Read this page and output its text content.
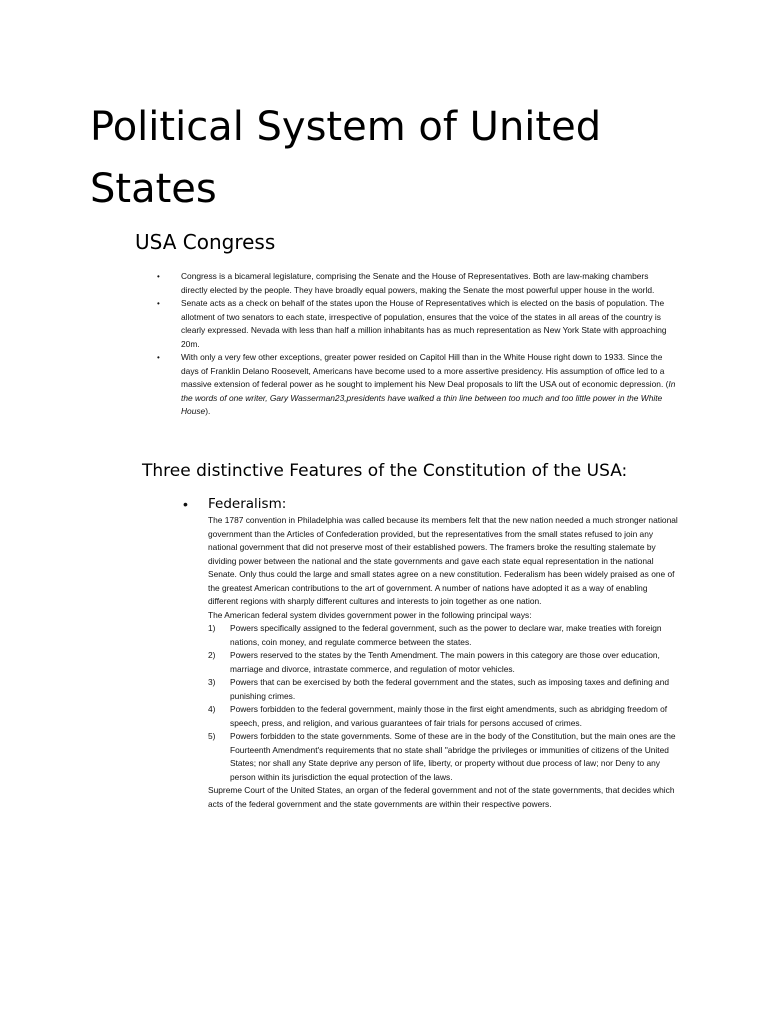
Political System of United States
USA Congress
•	Congress is a bicameral legislature, comprising the Senate and the House of Representatives. Both are law-making chambers directly elected by the people. They have broadly equal powers, making the Senate the most powerful upper house in the world.
•	Senate acts as a check on behalf of the states upon the House of Representatives which is elected on the basis of population. The allotment of two senators to each state, irrespective of population, ensures that the voice of the states in all areas of the country is clearly expressed. Nevada with less than half a million inhabitants has as much representation as New York State with approaching 20m.
•	With only a very few other exceptions, greater power resided on Capitol Hill than in the White House right down to 1933. Since the days of Franklin Delano Roosevelt, Americans have become used to a more assertive presidency. His assumption of office led to a massive extension of federal power as he sought to implement his New Deal proposals to lift the USA out of economic depression. (In the words of one writer, Gary Wasserman23,presidents have walked a thin line between too much and too little power in the White House).
Three distinctive Features of the Constitution of the USA:
• Federalism:

The 1787 convention in Philadelphia was called because its members felt that the new nation needed a much stronger national government than the Articles of Confederation provided, but the representatives from the small states refused to join any national government that did not preserve most of their established powers. The framers broke the resulting stalemate by dividing power between the national and the state governments and gave each state equal representation in the national Senate. Only thus could the large and small states agree on a new constitution. Federalism has been widely praised as one of the greatest American contributions to the art of government. A number of nations have adopted it as a way of enabling different regions with sharply different cultures and interests to join together as one nation.

The American federal system divides government power in the following principal ways:

1) Powers specifically assigned to the federal government, such as the power to declare war, make treaties with foreign nations, coin money, and regulate commerce between the states.
2) Powers reserved to the states by the Tenth Amendment. The main powers in this category are those over education, marriage and divorce, intrastate commerce, and regulation of motor vehicles.
3) Powers that can be exercised by both the federal government and the states, such as imposing taxes and defining and punishing crimes.
4) Powers forbidden to the federal government, mainly those in the first eight amendments, such as abridging freedom of speech, press, and religion, and various guarantees of fair trials for persons accused of crimes.
5) Powers forbidden to the state governments. Some of these are in the body of the Constitution, but the main ones are the Fourteenth Amendment's requirements that no state shall "abridge the privileges or immunities of citizens of the United States; nor shall any State deprive any person of life, liberty, or property without due process of law; nor Deny to any person within its jurisdiction the equal protection of the laws.

Supreme Court of the United States, an organ of the federal government and not of the state governments, that decides which acts of the federal government and the state governments are within their respective powers.
